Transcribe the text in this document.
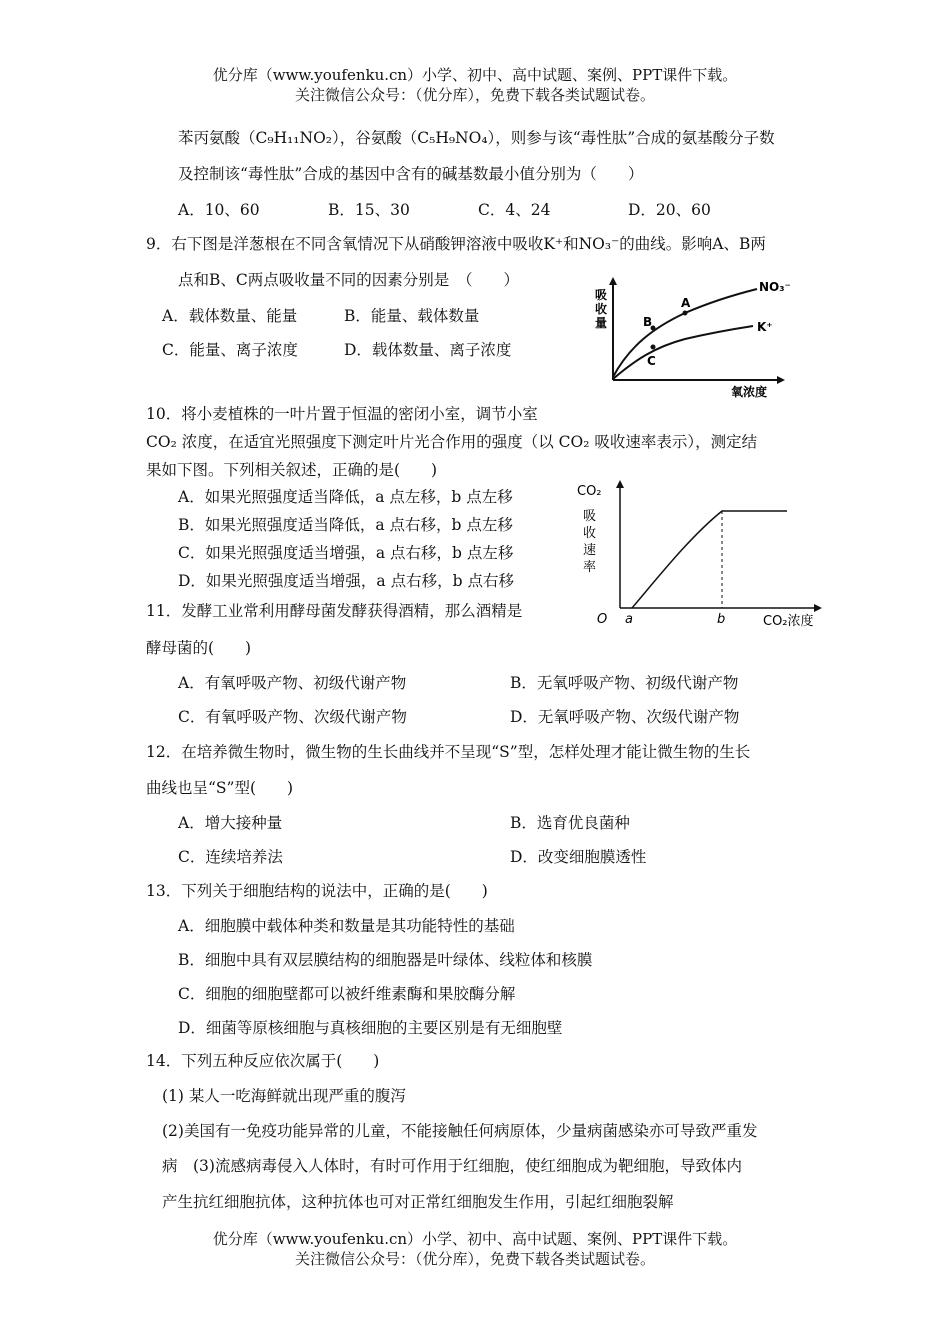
优分库（www.youfenku.cn）小学、初中、高中试题、案例、PPT课件下载。
关注微信公众号：（优分库），免费下载各类试题试卷。
苯丙氨酸（C₉H₁₁NO₂），谷氨酸（C₅H₉NO₄），则参与该“毒性肽”合成的氨基酸分子数
及控制该“毒性肽”合成的基因中含有的碱基数最小值分别为（　　）
A．10、60	B．15、30	C．4、24	D．20、60
9．右下图是洋葱根在不同含氧情况下从硝酸钾溶液中吸收K⁺和NO₃⁻的曲线。影响A、B两
点和B、C两点吸收量不同的因素分别是　（　　）
A．载体数量、能量	B．能量、载体数量
C．能量、离子浓度	D．载体数量、离子浓度
吸
收
量
氧浓度
NO₃⁻
K⁺
A
B
C
10．将小麦植株的一叶片置于恒温的密闭小室，调节小室
CO₂ 浓度，在适宜光照强度下测定叶片光合作用的强度（以 CO₂ 吸收速率表示），测定结
果如下图。下列相关叙述，正确的是(　　)
A．如果光照强度适当降低，a 点左移，b 点左移
B．如果光照强度适当降低，a 点右移，b 点左移
C．如果光照强度适当增强，a 点右移，b 点左移
D．如果光照强度适当增强，a 点右移，b 点右移
CO₂
吸
收
速
率
O a	b	CO₂浓度
11．发酵工业常利用酵母菌发酵获得酒精，那么酒精是
酵母菌的(　　)
A．有氧呼吸产物、初级代谢产物	B．无氧呼吸产物、初级代谢产物
C．有氧呼吸产物、次级代谢产物	D．无氧呼吸产物、次级代谢产物
12．在培养微生物时，微生物的生长曲线并不呈现“S”型，怎样处理才能让微生物的生长
曲线也呈“S”型(　　)
A．增大接种量	B．选育优良菌种
C．连续培养法	D．改变细胞膜透性
13．下列关于细胞结构的说法中，正确的是(　　)
A．细胞膜中载体种类和数量是其功能特性的基础
B．细胞中具有双层膜结构的细胞器是叶绿体、线粒体和核膜
C．细胞的细胞壁都可以被纤维素酶和果胶酶分解
D．细菌等原核细胞与真核细胞的主要区别是有无细胞壁
14．下列五种反应依次属于(　　)
(1) 某人一吃海鲜就出现严重的腹泻
(2)美国有一免疫功能异常的儿童，不能接触任何病原体，少量病菌感染亦可导致严重发
病　(3)流感病毒侵入人体时，有时可作用于红细胞，使红细胞成为靶细胞，导致体内
产生抗红细胞抗体，这种抗体也可对正常红细胞发生作用，引起红细胞裂解
优分库（www.youfenku.cn）小学、初中、高中试题、案例、PPT课件下载。
关注微信公众号：（优分库），免费下载各类试题试卷。
